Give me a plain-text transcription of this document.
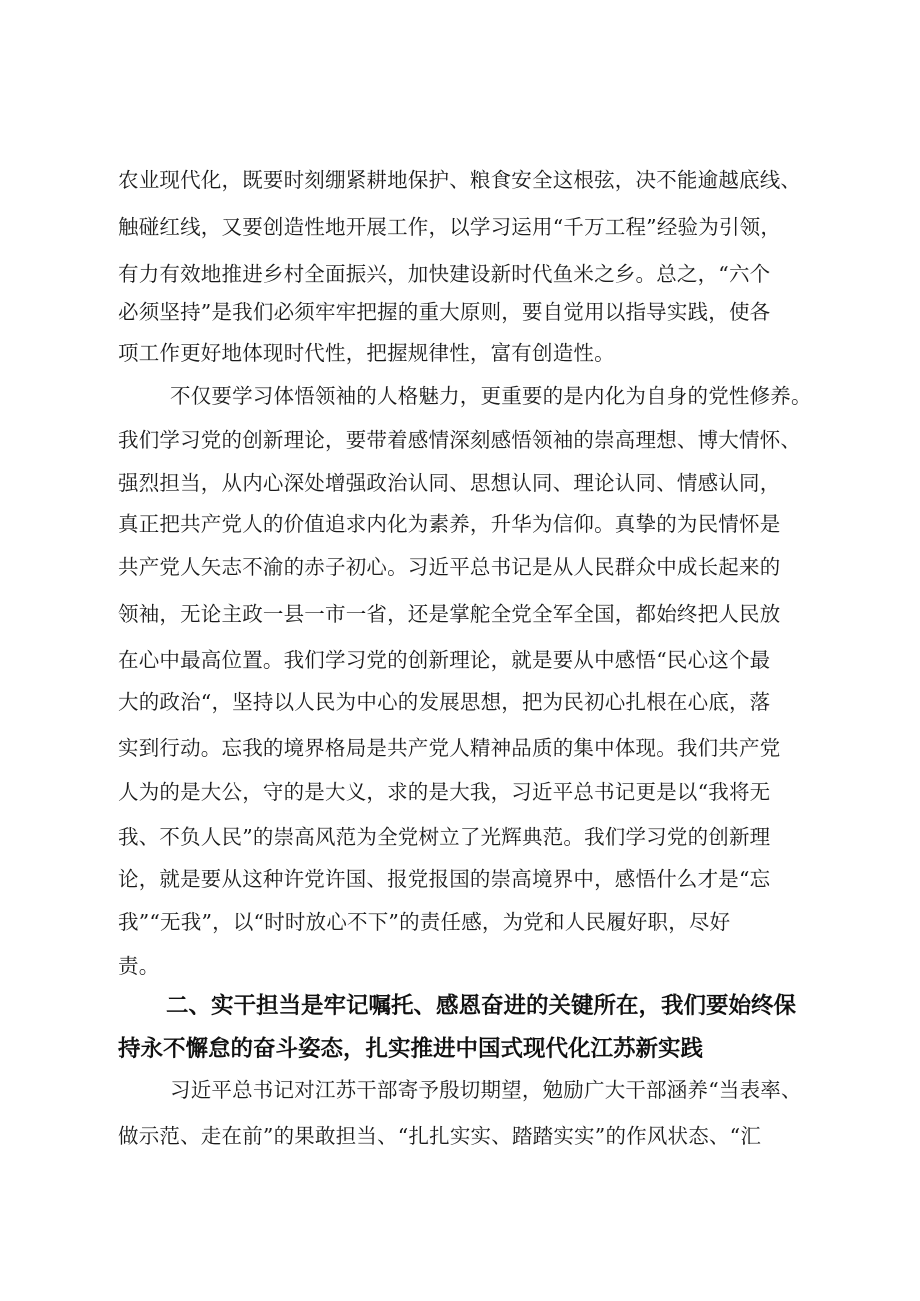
农业现代化，既要时刻绷紧耕地保护、粮食安全这根弦，决不能逾越底线、
触碰红线，又要创造性地开展工作，以学习运用“千万工程”经验为引领，
有力有效地推进乡村全面振兴，加快建设新时代鱼米之乡。总之，“六个
必须坚持”是我们必须牢牢把握的重大原则，要自觉用以指导实践，使各
项工作更好地体现时代性，把握规律性，富有创造性。
不仅要学习体悟领袖的人格魅力，更重要的是内化为自身的党性修养。
我们学习党的创新理论，要带着感情深刻感悟领袖的崇高理想、博大情怀、
强烈担当，从内心深处增强政治认同、思想认同、理论认同、情感认同，
真正把共产党人的价值追求内化为素养，升华为信仰。真挚的为民情怀是
共产党人矢志不渝的赤子初心。习近平总书记是从人民群众中成长起来的
领袖，无论主政一县一市一省，还是掌舵全党全军全国，都始终把人民放
在心中最高位置。我们学习党的创新理论，就是要从中感悟“民心这个最
大的政治“，坚持以人民为中心的发展思想，把为民初心扎根在心底，落
实到行动。忘我的境界格局是共产党人精神品质的集中体现。我们共产党
人为的是大公，守的是大义，求的是大我，习近平总书记更是以“我将无
我、不负人民”的崇高风范为全党树立了光辉典范。我们学习党的创新理
论，就是要从这种许党许国、报党报国的崇高境界中，感悟什么才是“忘
我”“无我”，以“时时放心不下”的责任感，为党和人民履好职，尽好
责。
二、实干担当是牢记嘱托、感恩奋进的关键所在，我们要始终保
持永不懈怠的奋斗姿态，扎实推进中国式现代化江苏新实践
习近平总书记对江苏干部寄予殷切期望，勉励广大干部涵养“当表率、
做示范、走在前”的果敢担当、“扎扎实实、踏踏实实”的作风状态、“汇
